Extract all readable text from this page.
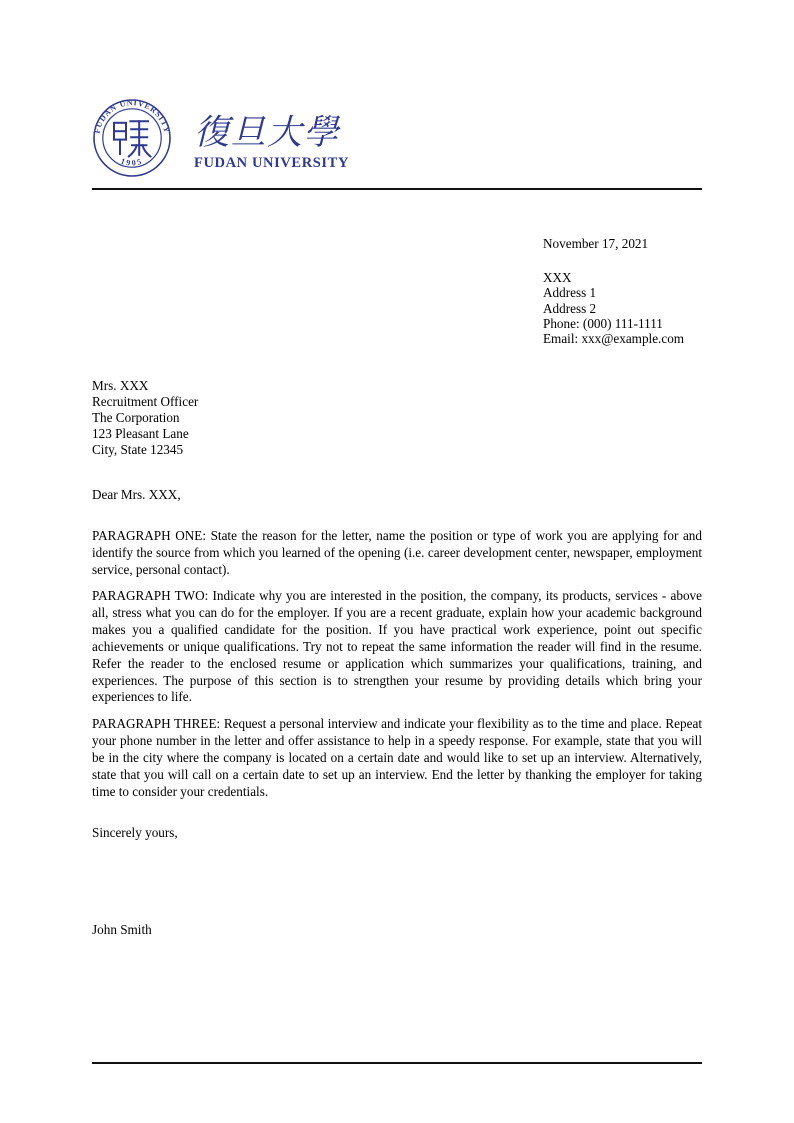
FUDAN UNIVERSITY
1905
復旦大學
FUDAN UNIVERSITY
November 17, 2021
XXX
Address 1
Address 2
Phone: (000) 111-1111
Email: xxx@example.com
Mrs. XXX
Recruitment Officer
The Corporation
123 Pleasant Lane
City, State 12345
Dear Mrs. XXX,

PARAGRAPH ONE: State the reason for the letter, name the position or type of work you are applying for and identify the source from which you learned of the opening (i.e. career development center, newspaper, employment service, personal contact).

PARAGRAPH TWO: Indicate why you are interested in the position, the company, its products, services - above all, stress what you can do for the employer. If you are a recent graduate, explain how your academic background makes you a qualified candidate for the position. If you have practical work experience, point out specific achievements or unique qualifications. Try not to repeat the same information the reader will find in the resume. Refer the reader to the enclosed resume or application which summarizes your qualifications, training, and experiences. The purpose of this section is to strengthen your resume by providing details which bring your experiences to life.

PARAGRAPH THREE: Request a personal interview and indicate your flexibility as to the time and place. Repeat your phone number in the letter and offer assistance to help in a speedy response. For example, state that you will be in the city where the company is located on a certain date and would like to set up an interview. Alternatively, state that you will call on a certain date to set up an interview. End the letter by thanking the employer for taking time to consider your credentials.

Sincerely yours,
John Smith
